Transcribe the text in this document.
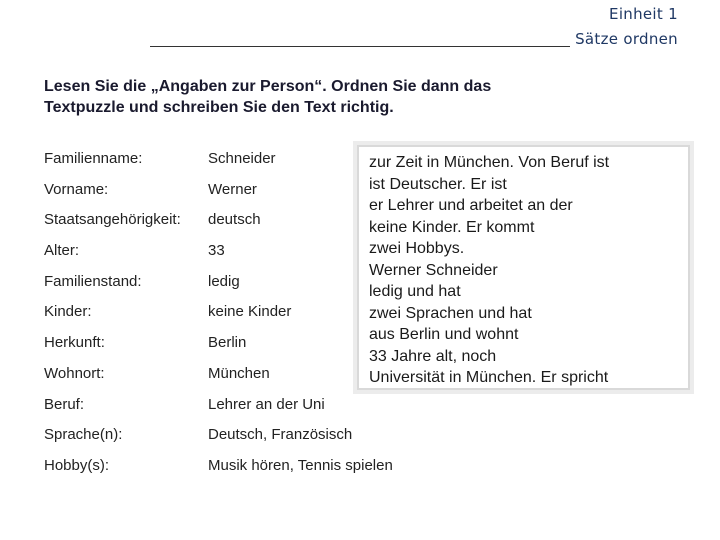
Einheit 1
Sätze ordnen
Lesen Sie die „Angaben zur Person“. Ordnen Sie dann das
Textpuzzle und schreiben Sie den Text richtig.
Familienname:	Schneider
Vorname:	Werner
Staatsangehörigkeit: deutsch
Alter:	33
Familienstand:	ledig
Kinder:	keine Kinder
Herkunft:	Berlin
Wohnort:	München
Beruf:	Lehrer an der Uni
Sprache(n):	Deutsch, Französisch
Hobby(s):	Musik hören, Tennis spielen
zur Zeit in München. Von Beruf ist
ist Deutscher. Er ist
er Lehrer und arbeitet an der
keine Kinder. Er kommt
zwei Hobbys.
Werner Schneider
ledig und hat
zwei Sprachen und hat
aus Berlin und wohnt
33 Jahre alt, noch
Universität in München. Er spricht
